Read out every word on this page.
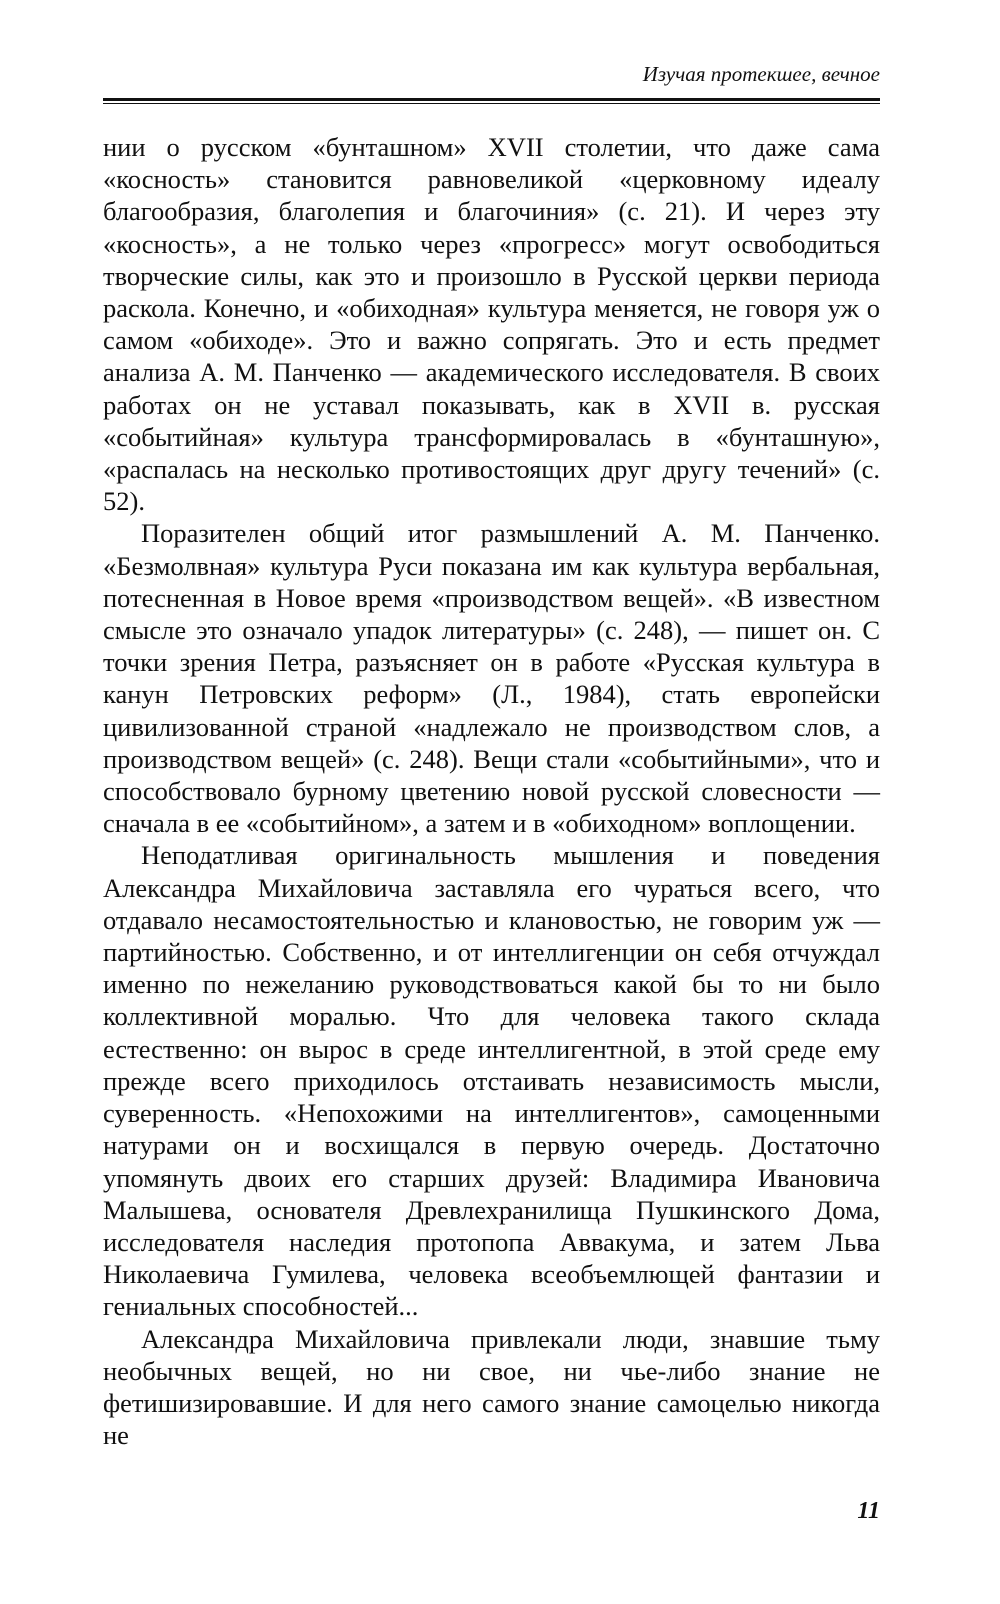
Изучая протекшее, вечное

нии о русском «бунташном» XVII столетии, что даже сама «косность» становится равновеликой «церковному идеалу благообразия, благолепия и благочиния» (с. 21). И через эту «косность», а не только через «прогресс» могут освободиться творческие силы, как это и произошло в Русской церкви периода раскола. Конечно, и «обиходная» культура меняется, не говоря уж о самом «обиходе». Это и важно сопрягать. Это и есть предмет анализа А. М. Панченко — академического исследователя. В своих работах он не уставал показывать, как в XVII в. русская «событийная» культура трансформировалась в «бунташную», «распалась на несколько противостоящих друг другу течений» (с. 52).

Поразителен общий итог размышлений А. М. Панченко. «Безмолвная» культура Руси показана им как культура вербальная, потесненная в Новое время «производством вещей». «В известном смысле это означало упадок литературы» (с. 248), — пишет он. С точки зрения Петра, разъясняет он в работе «Русская культура в канун Петровских реформ» (Л., 1984), стать европейски цивилизованной страной «надлежало не производством слов, а производством вещей» (с. 248). Вещи стали «событийными», что и способствовало бурному цветению новой русской словесности — сначала в ее «событийном», а затем и в «обиходном» воплощении.

Неподатливая оригинальность мышления и поведения Александра Михайловича заставляла его чураться всего, что отдавало несамостоятельностью и клановостью, не говорим уж — партийностью. Собственно, и от интеллигенции он себя отчуждал именно по нежеланию руководствоваться какой бы то ни было коллективной моралью. Что для человека такого склада естественно: он вырос в среде интеллигентной, в этой среде ему прежде всего приходилось отстаивать независимость мысли, суверенность. «Непохожими на интеллигентов», самоценными натурами он и восхищался в первую очередь. Достаточно упомянуть двоих его старших друзей: Владимира Ивановича Малышева, основателя Древлехранилища Пушкинского Дома, исследователя наследия протопопа Аввакума, и затем Льва Николаевича Гумилева, человека всеобъемлющей фантазии и гениальных способностей...

Александра Михайловича привлекали люди, знавшие тьму необычных вещей, но ни свое, ни чье-либо знание не фетишизировавшие. И для него самого знание самоцелью никогда не

11
